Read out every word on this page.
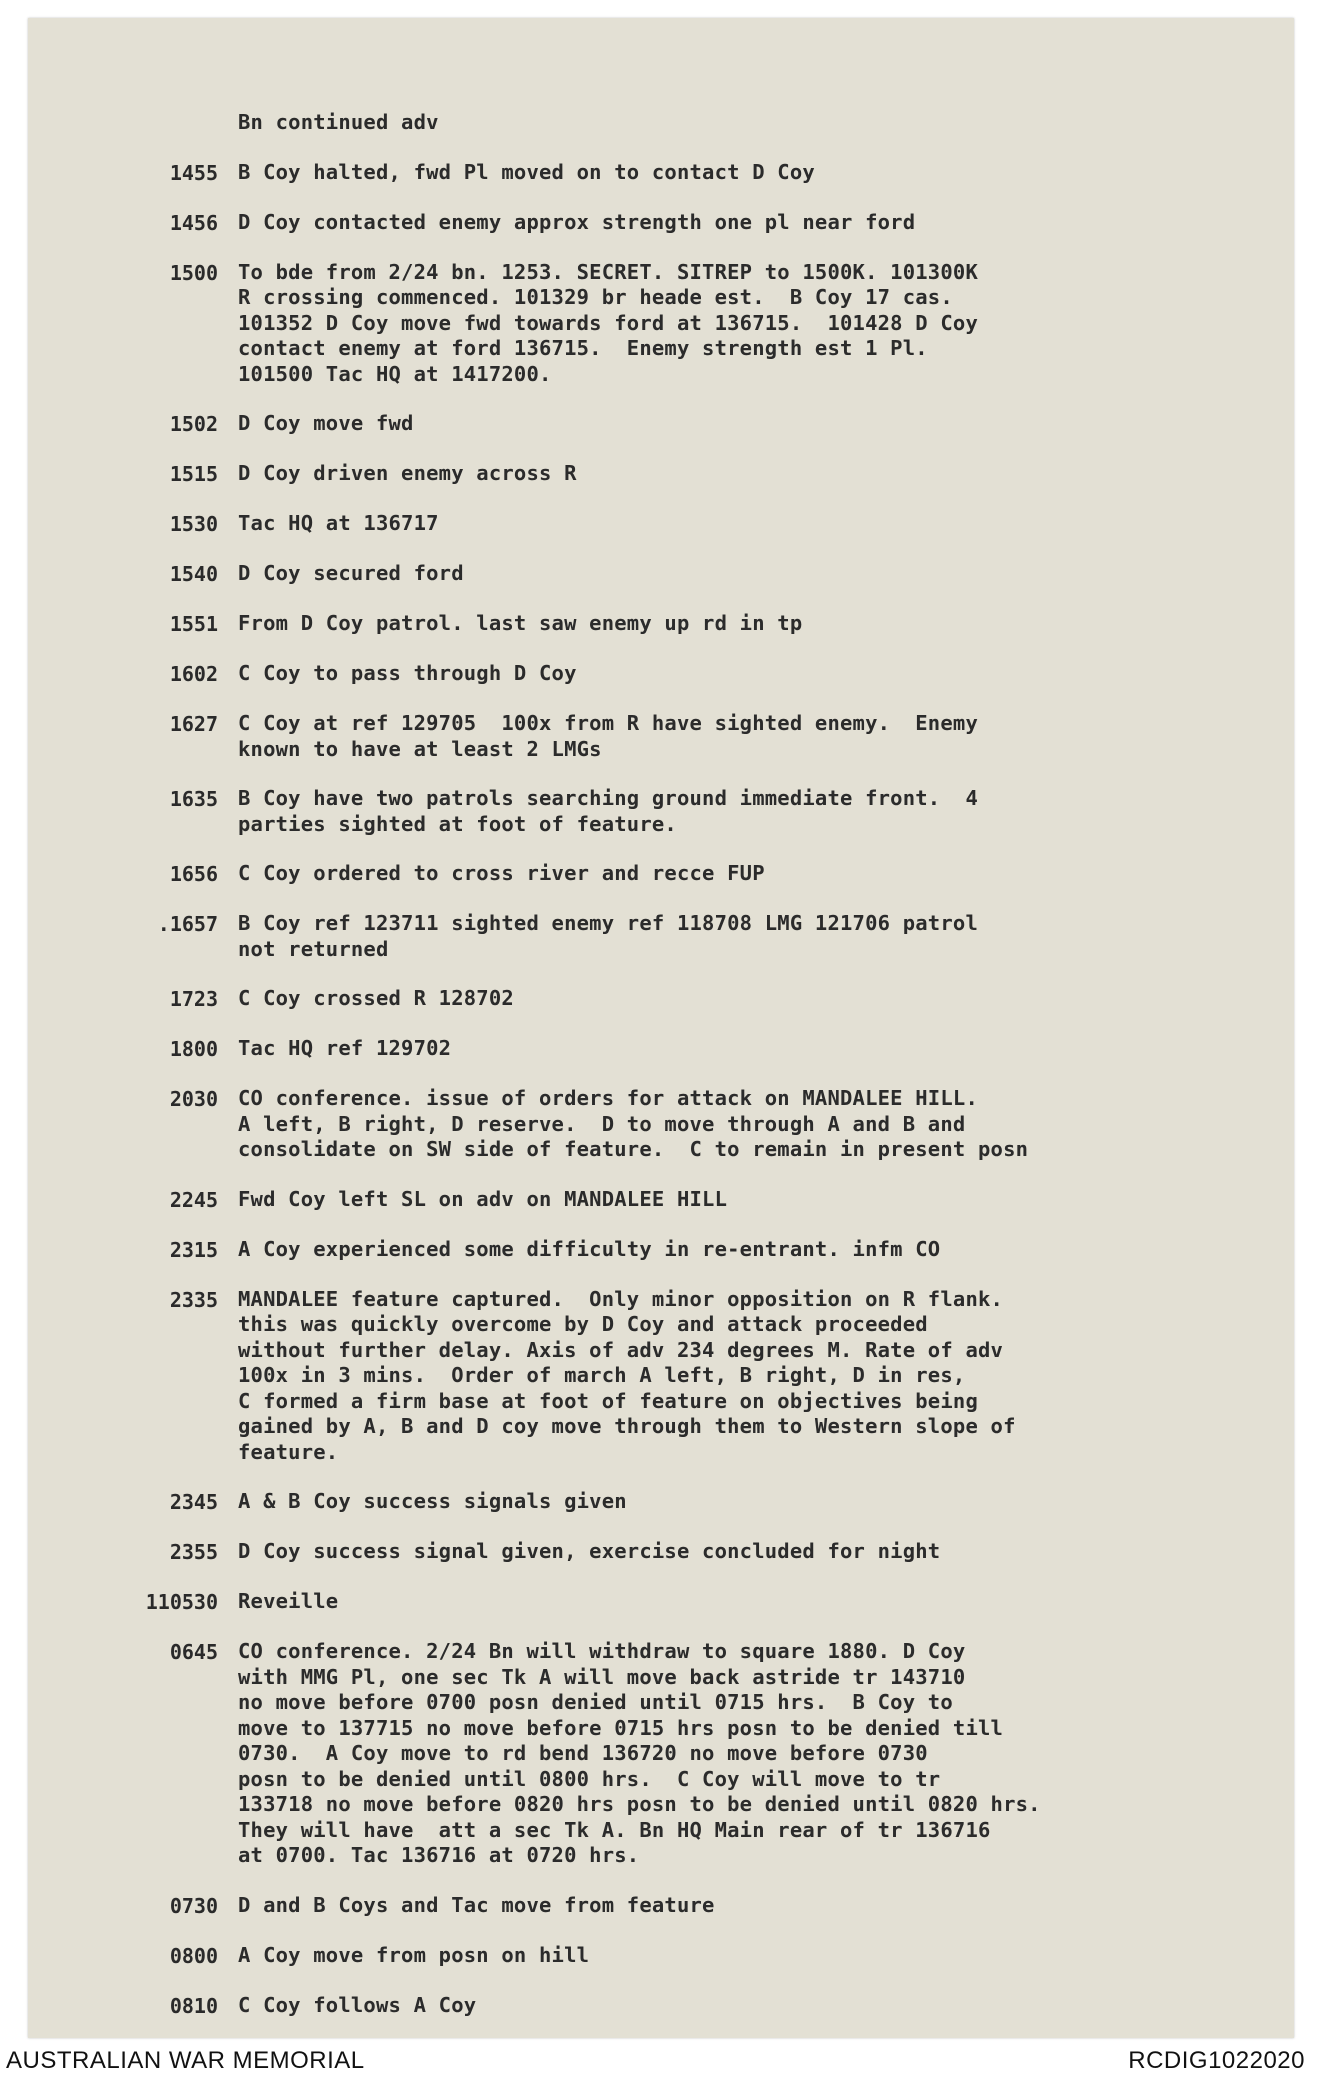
Bn continued adv
1455 B Coy halted, fwd Pl moved on to contact D Coy
1456 D Coy contacted enemy approx strength one pl near ford
1500 To bde from 2/24 bn. 1253. SECRET. SITREP to 1500K. 101300K
R crossing commenced. 101329 br heade est.  B Coy 17 cas.
101352 D Coy move fwd towards ford at 136715.  101428 D Coy
contact enemy at ford 136715.  Enemy strength est 1 Pl.
101500 Tac HQ at 1417200.
1502 D Coy move fwd
1515 D Coy driven enemy across R
1530 Tac HQ at 136717
1540 D Coy secured ford
1551 From D Coy patrol. last saw enemy up rd in tp
1602 C Coy to pass through D Coy
1627 C Coy at ref 129705  100x from R have sighted enemy.  Enemy
known to have at least 2 LMGs
1635 B Coy have two patrols searching ground immediate front.  4
parties sighted at foot of feature.
1656 C Coy ordered to cross river and recce FUP
.1657 B Coy ref 123711 sighted enemy ref 118708 LMG 121706 patrol
not returned
1723 C Coy crossed R 128702
1800 Tac HQ ref 129702
2030 CO conference. issue of orders for attack on MANDALEE HILL.
A left, B right, D reserve.  D to move through A and B and
consolidate on SW side of feature.  C to remain in present posn
2245 Fwd Coy left SL on adv on MANDALEE HILL
2315 A Coy experienced some difficulty in re-entrant. infm CO
2335 MANDALEE feature captured.  Only minor opposition on R flank.
this was quickly overcome by D Coy and attack proceeded
without further delay. Axis of adv 234 degrees M. Rate of adv
100x in 3 mins.  Order of march A left, B right, D in res,
C formed a firm base at foot of feature on objectives being
gained by A, B and D coy move through them to Western slope of
feature.
2345 A & B Coy success signals given
2355 D Coy success signal given, exercise concluded for night
110530 Reveille
0645 CO conference. 2/24 Bn will withdraw to square 1880. D Coy
with MMG Pl, one sec Tk A will move back astride tr 143710
no move before 0700 posn denied until 0715 hrs.  B Coy to
move to 137715 no move before 0715 hrs posn to be denied till
0730.  A Coy move to rd bend 136720 no move before 0730
posn to be denied until 0800 hrs.  C Coy will move to tr
133718 no move before 0820 hrs posn to be denied until 0820 hrs.
They will have  att a sec Tk A. Bn HQ Main rear of tr 136716
at 0700. Tac 136716 at 0720 hrs.
0730 D and B Coys and Tac move from feature
0800 A Coy move from posn on hill
0810 C Coy follows A Coy
AUSTRALIAN WAR MEMORIAL	RCDIG1022020
